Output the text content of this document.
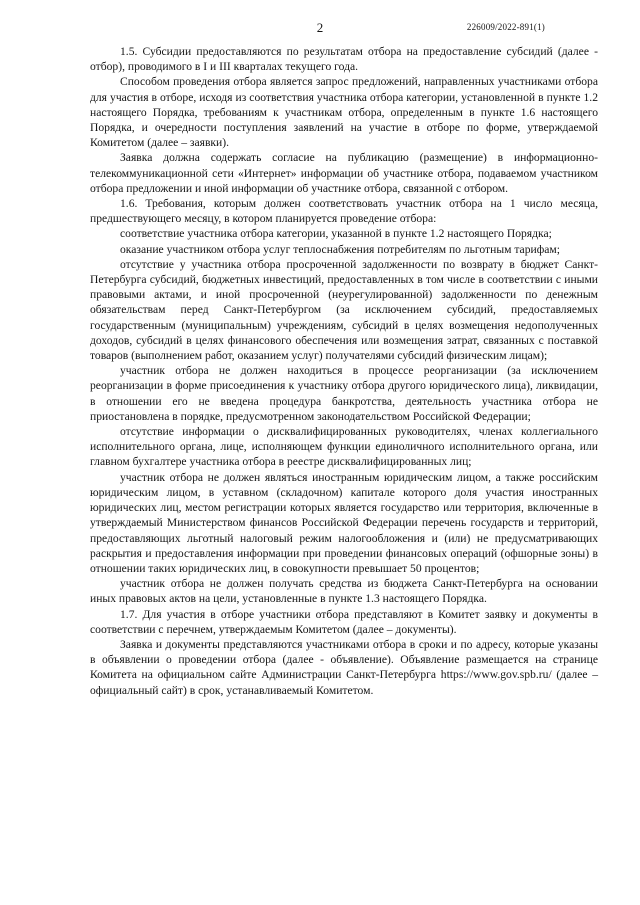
2	226009/2022-891(1)

1.5. Субсидии предоставляются по результатам отбора на предоставление субсидий (далее - отбор), проводимого в I и III кварталах текущего года.

Способом проведения отбора является запрос предложений, направленных участниками отбора для участия в отборе, исходя из соответствия участника отбора категории, установленной в пункте 1.2 настоящего Порядка, требованиям к участникам отбора, определенным в пункте 1.6 настоящего Порядка, и очередности поступления заявлений на участие в отборе по форме, утверждаемой Комитетом (далее – заявки).

Заявка должна содержать согласие на публикацию (размещение) в информационно-телекоммуникационной сети «Интернет» информации об участнике отбора, подаваемом участником отбора предложении и иной информации об участнике отбора, связанной с отбором.

1.6. Требования, которым должен соответствовать участник отбора на 1 число месяца, предшествующего месяцу, в котором планируется проведение отбора:

соответствие участника отбора категории, указанной в пункте 1.2 настоящего Порядка;

оказание участником отбора услуг теплоснабжения потребителям по льготным тарифам;

отсутствие у участника отбора просроченной задолженности по возврату в бюджет Санкт-Петербурга субсидий, бюджетных инвестиций, предоставленных в том числе в соответствии с иными правовыми актами, и иной просроченной (неурегулированной) задолженности по денежным обязательствам перед Санкт-Петербургом (за исключением субсидий, предоставляемых государственным (муниципальным) учреждениям, субсидий в целях возмещения недополученных доходов, субсидий в целях финансового обеспечения или возмещения затрат, связанных с поставкой товаров (выполнением работ, оказанием услуг) получателями субсидий физическим лицам);

участник отбора не должен находиться в процессе реорганизации (за исключением реорганизации в форме присоединения к участнику отбора другого юридического лица), ликвидации, в отношении его не введена процедура банкротства, деятельность участника отбора не приостановлена в порядке, предусмотренном законодательством Российской Федерации;

отсутствие информации о дисквалифицированных руководителях, членах коллегиального исполнительного органа, лице, исполняющем функции единоличного исполнительного органа, или главном бухгалтере участника отбора в реестре дисквалифицированных лиц;

участник отбора не должен являться иностранным юридическим лицом, а также российским юридическим лицом, в уставном (складочном) капитале которого доля участия иностранных юридических лиц, местом регистрации которых является государство или территория, включенные в утверждаемый Министерством финансов Российской Федерации перечень государств и территорий, предоставляющих льготный налоговый режим налогообложения и (или) не предусматривающих раскрытия и предоставления информации при проведении финансовых операций (офшорные зоны) в отношении таких юридических лиц, в совокупности превышает 50 процентов;

участник отбора не должен получать средства из бюджета Санкт-Петербурга на основании иных правовых актов на цели, установленные в пункте 1.3 настоящего Порядка.

1.7. Для участия в отборе участники отбора представляют в Комитет заявку и документы в соответствии с перечнем, утверждаемым Комитетом (далее – документы).

Заявка и документы представляются участниками отбора в сроки и по адресу, которые указаны в объявлении о проведении отбора (далее - объявление). Объявление размещается на странице Комитета на официальном сайте Администрации Санкт-Петербурга https://www.gov.spb.ru/ (далее – официальный сайт) в срок, устанавливаемый Комитетом.
